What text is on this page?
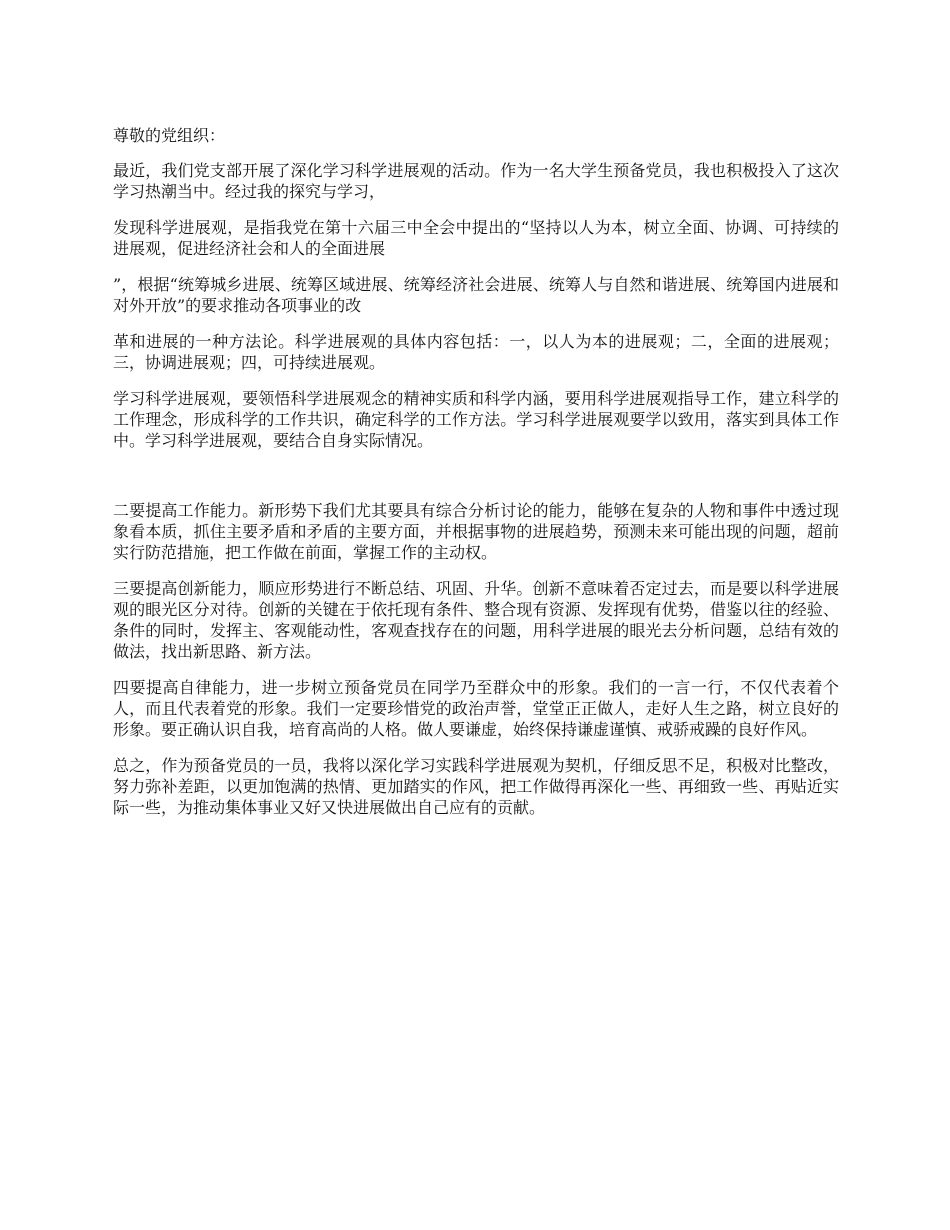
尊敬的党组织：

最近，我们党支部开展了深化学习科学进展观的活动。作为一名大学生预备党员，我也积极投入了这次学习热潮当中。经过我的探究与学习，

发现科学进展观，是指我党在第十六届三中全会中提出的“坚持以人为本，树立全面、协调、可持续的进展观，促进经济社会和人的全面进展

”，根据“统筹城乡进展、统筹区域进展、统筹经济社会进展、统筹人与自然和谐进展、统筹国内进展和对外开放”的要求推动各项事业的改

革和进展的一种方法论。科学进展观的具体内容包括：一，以人为本的进展观；二，全面的进展观；三，协调进展观；四，可持续进展观。

学习科学进展观，要领悟科学进展观念的精神实质和科学内涵，要用科学进展观指导工作，建立科学的工作理念，形成科学的工作共识，确定科学的工作方法。学习科学进展观要学以致用，落实到具体工作中。学习科学进展观，要结合自身实际情况。

二要提高工作能力。新形势下我们尤其要具有综合分析讨论的能力，能够在复杂的人物和事件中透过现象看本质，抓住主要矛盾和矛盾的主要方面，并根据事物的进展趋势，预测未来可能出现的问题，超前实行防范措施，把工作做在前面，掌握工作的主动权。

三要提高创新能力，顺应形势进行不断总结、巩固、升华。创新不意味着否定过去，而是要以科学进展观的眼光区分对待。创新的关键在于依托现有条件、整合现有资源、发挥现有优势，借鉴以往的经验、条件的同时，发挥主、客观能动性，客观查找存在的问题，用科学进展的眼光去分析问题，总结有效的做法，找出新思路、新方法。

四要提高自律能力，进一步树立预备党员在同学乃至群众中的形象。我们的一言一行，不仅代表着个人，而且代表着党的形象。我们一定要珍惜党的政治声誉，堂堂正正做人，走好人生之路，树立良好的形象。要正确认识自我，培育高尚的人格。做人要谦虚，始终保持谦虚谨慎、戒骄戒躁的良好作风。

总之，作为预备党员的一员，我将以深化学习实践科学进展观为契机，仔细反思不足，积极对比整改，努力弥补差距，以更加饱满的热情、更加踏实的作风，把工作做得再深化一些、再细致一些、再贴近实际一些，为推动集体事业又好又快进展做出自己应有的贡献。
